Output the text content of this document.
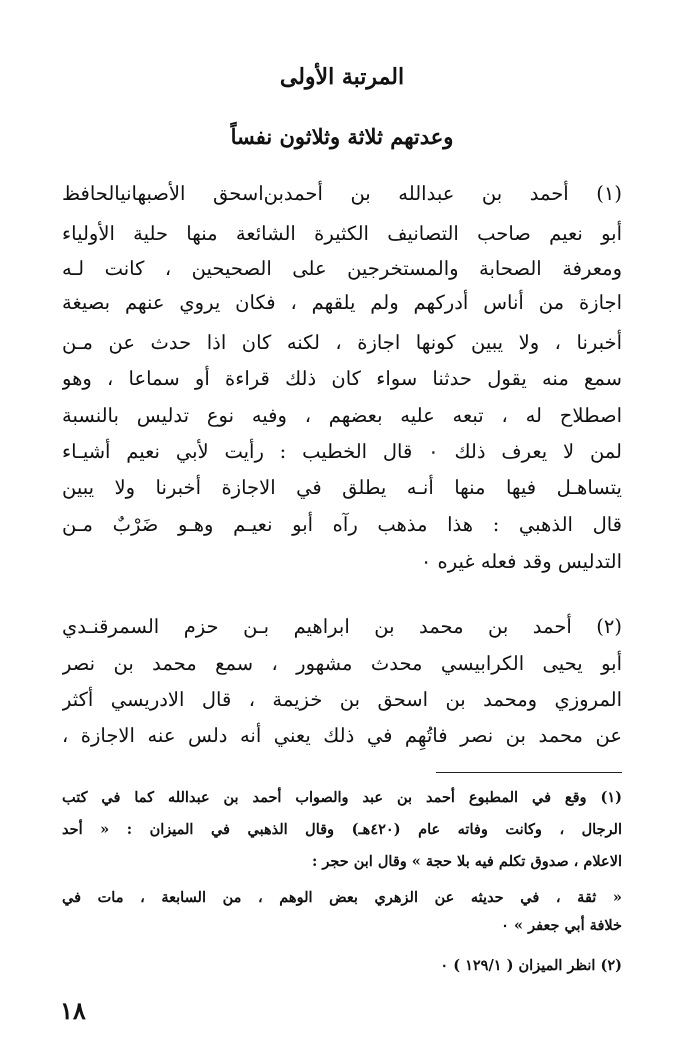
المرتبة الأولى
وعدتهم ثلاثة وثلاثون نفساً
(١) أحمد بن عبدالله بن أحمدبن‌اسحق الأصبهانيالحافظ
أبو نعيم صاحب التصانيف الكثيرة الشائعة منها حلية الأولياء
ومعرفة الصحابة والمستخرجين على الصحيحين ، كانت لـه
اجازة من أناس أدركهم ولم يلقهم ، فكان يروي عنهم بصيغة
أخبرنا ، ولا يبين كونها اجازة ، لكنه كان اذا حدث عن مـن
سمع منه يقول حدثنا سواء كان ذلك قراءة أو سماعا ، وهو
اصطلاح له ، تبعه عليه بعضهم ، وفيه نوع تدليس بالنسبة
لمن لا يعرف ذلك ٠ قال الخطيب : رأيت لأبي نعيم أشيـاء
يتساهـل فيها منها أنـه يطلق في الاجازة أخبرنا ولا يبين
قال الذهبي : هذا مذهب رآه أبو نعيـم وهـو ضَرْبٌ مـن
التدليس وقد فعله غيره ٠
(٢) أحمد بن محمد بن ابراهيم بـن حزم السمرقنـدي
أبو يحيى الكرابيسي محدث مشهور ، سمع محمد بن نصر
المروزي ومحمد بن اسحق بن خزيمة ، قال الادريسي أكثر
عن محمد بن نصر فاتُهِم في ذلك يعني أنه دلس عنه الاجازة ،
(١) وقع في المطبوع أحمد بن عبد والصواب أحمد بن عبدالله كما في كتب
الرجال ، وكانت وفاته عام (٤٢٠هـ) وقال الذهبي في الميزان : « أحد
الاعلام ، صدوق تكلم فيه بلا حجة » وقال ابن حجر :
« ثقة ، في حديثه عن الزهري بعض الوهم ، من السابعة ، مات في
خلافة أبي جعفر » ٠
(٢) انظر الميزان ( ١٢٩/١ ) ٠
١٨
